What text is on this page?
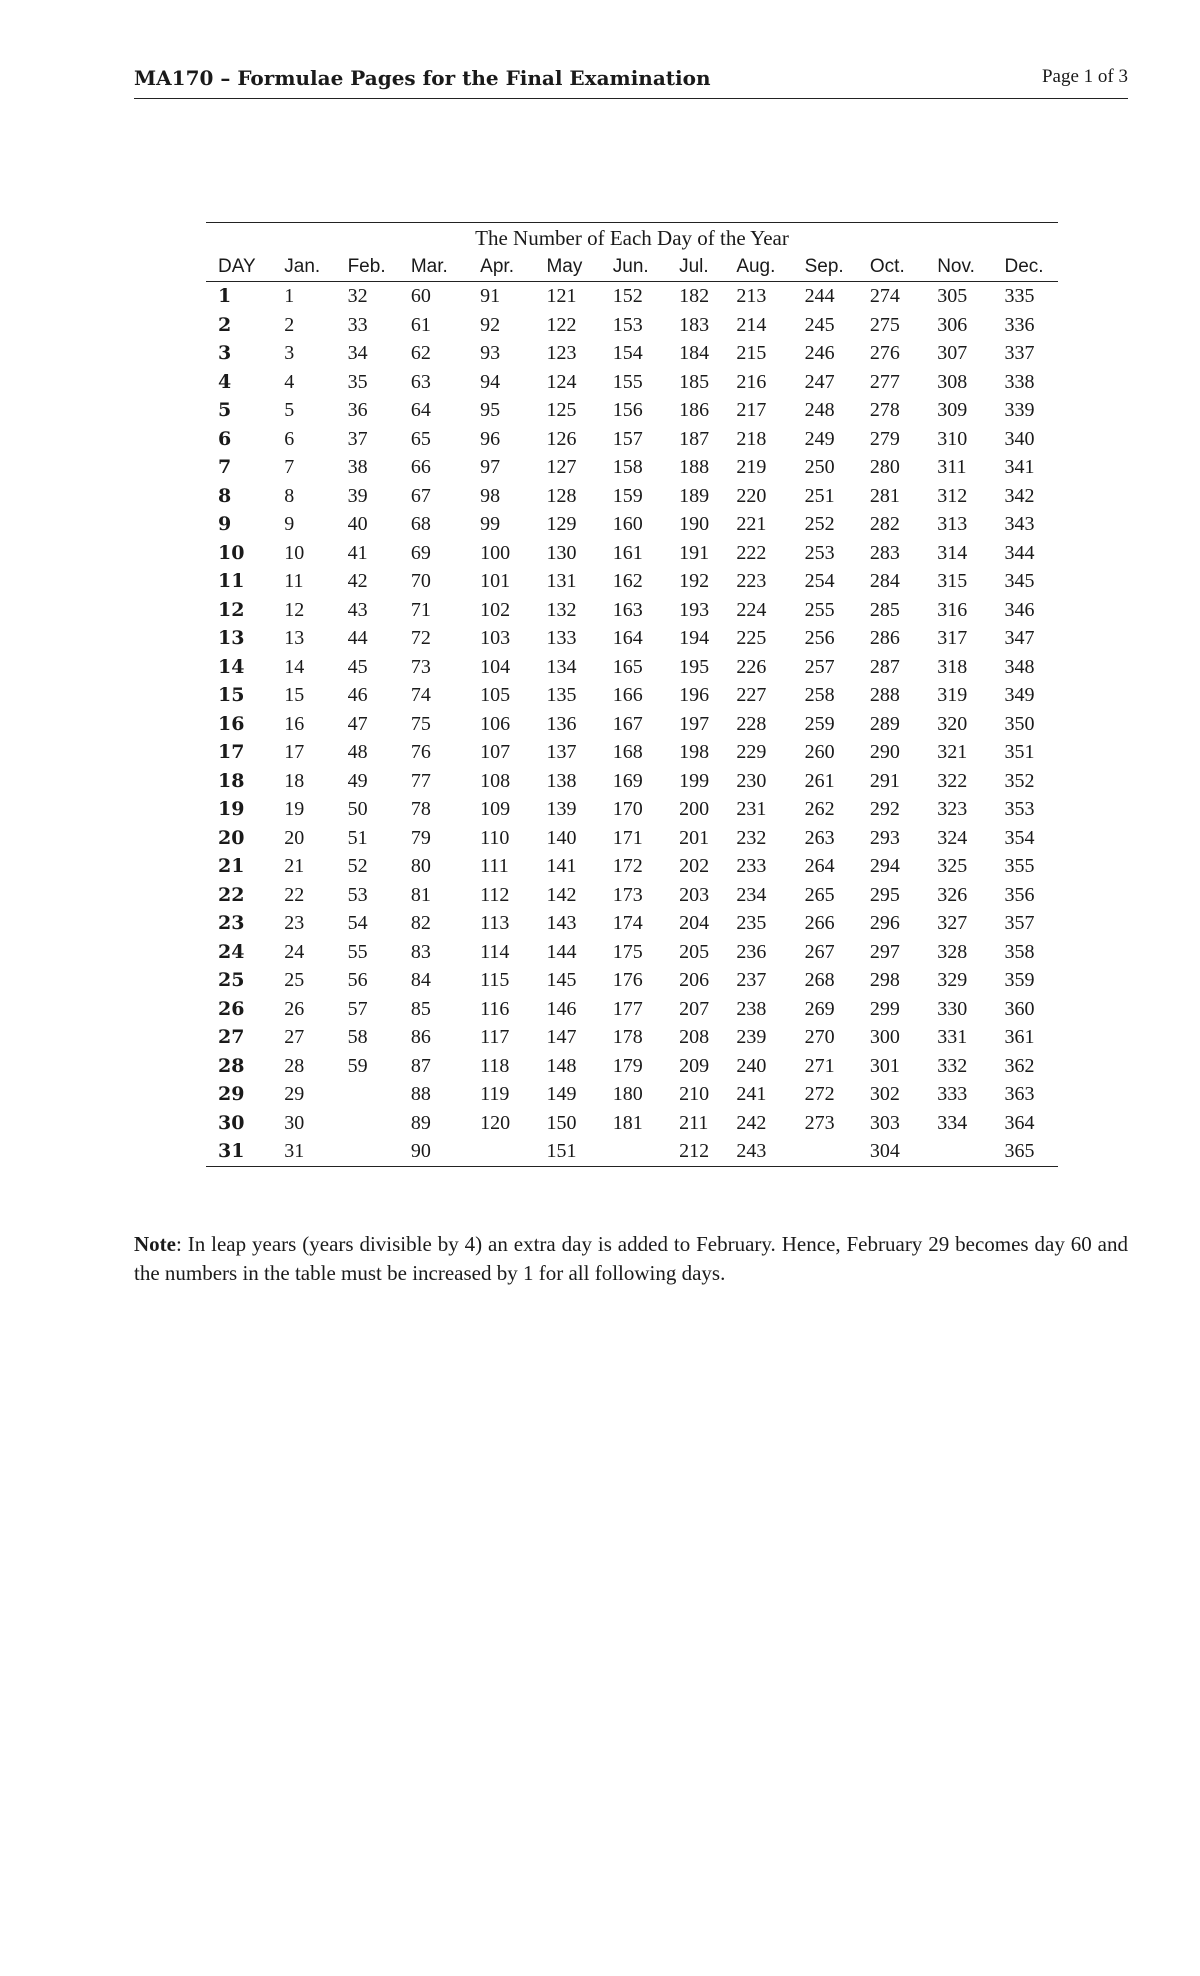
MA170 – Formulae Pages for the Final Examination	Page 1 of 3
The Number of Each Day of the Year												
DAY	Jan.	Feb.	Mar.	Apr.	May	Jun.	Jul.	Aug.	Sep.	Oct.	Nov.	Dec.
1	1	32	60	91	121	152	182	213	244	274	305	335
2	2	33	61	92	122	153	183	214	245	275	306	336
3	3	34	62	93	123	154	184	215	246	276	307	337
4	4	35	63	94	124	155	185	216	247	277	308	338
5	5	36	64	95	125	156	186	217	248	278	309	339
6	6	37	65	96	126	157	187	218	249	279	310	340
7	7	38	66	97	127	158	188	219	250	280	311	341
8	8	39	67	98	128	159	189	220	251	281	312	342
9	9	40	68	99	129	160	190	221	252	282	313	343
10	10	41	69	100	130	161	191	222	253	283	314	344
11	11	42	70	101	131	162	192	223	254	284	315	345
12	12	43	71	102	132	163	193	224	255	285	316	346
13	13	44	72	103	133	164	194	225	256	286	317	347
14	14	45	73	104	134	165	195	226	257	287	318	348
15	15	46	74	105	135	166	196	227	258	288	319	349
16	16	47	75	106	136	167	197	228	259	289	320	350
17	17	48	76	107	137	168	198	229	260	290	321	351
18	18	49	77	108	138	169	199	230	261	291	322	352
19	19	50	78	109	139	170	200	231	262	292	323	353
20	20	51	79	110	140	171	201	232	263	293	324	354
21	21	52	80	111	141	172	202	233	264	294	325	355
22	22	53	81	112	142	173	203	234	265	295	326	356
23	23	54	82	113	143	174	204	235	266	296	327	357
24	24	55	83	114	144	175	205	236	267	297	328	358
25	25	56	84	115	145	176	206	237	268	298	329	359
26	26	57	85	116	146	177	207	238	269	299	330	360
27	27	58	86	117	147	178	208	239	270	300	331	361
28	28	59	87	118	148	179	209	240	271	301	332	362
29	29		88	119	149	180	210	241	272	302	333	363
30	30		89	120	150	181	211	242	273	303	334	364
31	31		90		151		212	243		304		365
Note: In leap years (years divisible by 4) an extra day is added to February. Hence, February 29 becomes day 60 and the numbers in the table must be increased by 1 for all following days.
